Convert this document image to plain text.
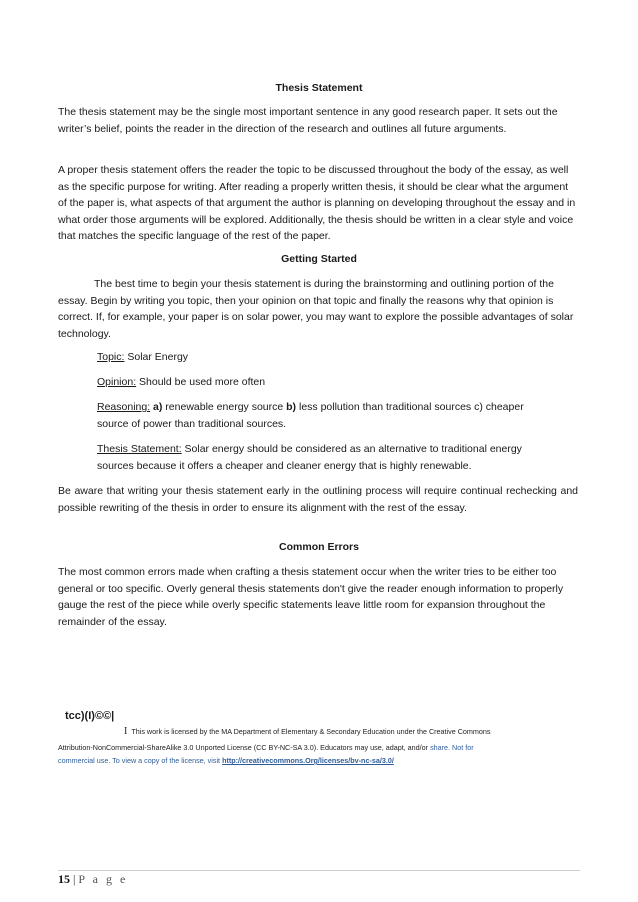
Thesis Statement

The thesis statement may be the single most important sentence in any good research paper. It sets out the writer’s belief, points the reader in the direction of the research and outlines all future arguments.

A proper thesis statement offers the reader the topic to be discussed throughout the body of the essay, as well as the specific purpose for writing. After reading a properly written thesis, it should be clear what the argument of the paper is, what aspects of that argument the author is planning on developing throughout the essay and in what order those arguments will be explored. Additionally, the thesis should be written in a clear style and voice that matches the specific language of the rest of the paper.

Getting Started

The best time to begin your thesis statement is during the brainstorming and outlining portion of the essay. Begin by writing you topic, then your opinion on that topic and finally the reasons why that opinion is correct. If, for example, your paper is on solar power, you may want to explore the possible advantages of solar technology.

Topic: Solar Energy

Opinion: Should be used more often

Reasoning: a) renewable energy source b) less pollution than traditional sources c) cheaper source of power than traditional sources.

Thesis Statement: Solar energy should be considered as an alternative to traditional energy sources because it offers a cheaper and cleaner energy that is highly renewable.

Be aware that writing your thesis statement early in the outlining process will require continual rechecking and possible rewriting of the thesis in order to ensure its alignment with the rest of the essay.

Common Errors

The most common errors made when crafting a thesis statement occur when the writer tries to be either too general or too specific. Overly general thesis statements don't give the reader enough information to properly gauge the rest of the piece while overly specific statements leave little room for expansion throughout the remainder of the essay.

tcc)(I)©©|
I This work is licensed by the MA Department of Elementary & Secondary Education under the Creative Commons
Attribution-NonCommercial-ShareAlike 3.0 Unported License (CC BY-NC-SA 3.0). Educators may use, adapt, and/or share. Not for
commercial use. To view a copy of the license, visit http://creativecommons.Org/licenses/bv-nc-sa/3.0/
15 | P a g e
